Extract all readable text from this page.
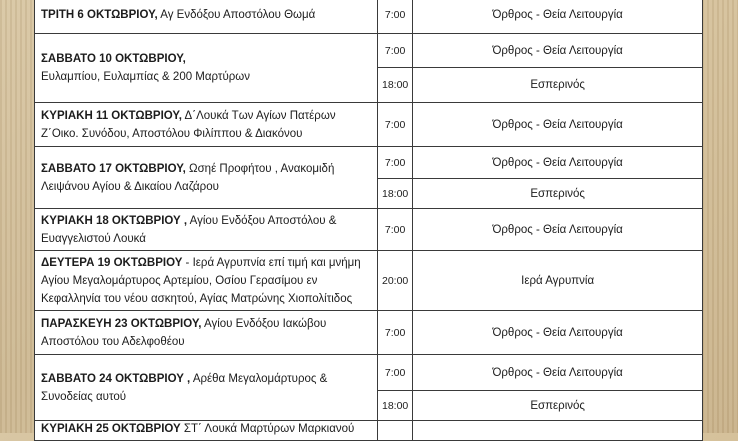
ΤΡΙΤΗ 6 ΟΚΤΩΒΡΙΟΥ, Αγ Ενδόξου Αποστόλου Θωμά	7:00	Όρθρος - Θεία Λειτουργία
ΣΑΒΒΑΤΟ 10 ΟΚΤΩΒΡΙΟΥ,
Ευλαμπίου, Ευλαμπίας & 200 Μαρτύρων	7:00	Όρθρος - Θεία Λειτουργία
	18:00	Εσπερινός
ΚΥΡΙΑΚΗ 11 ΟΚΤΩΒΡΙΟΥ, Δ΄Λουκά Των Αγίων Πατέρων Ζ΄Οικο. Συνόδου, Αποστόλου Φιλίππου & Διακόνου	7:00	Όρθρος - Θεία Λειτουργία
ΣΑΒΒΑΤΟ 17 ΟΚΤΩΒΡΙΟΥ, Ωσηέ Προφήτου , Ανακομιδή Λειψάνου Αγίου & Δικαίου Λαζάρου	7:00	Όρθρος - Θεία Λειτουργία
	18:00	Εσπερινός
ΚΥΡΙΑΚΗ 18 ΟΚΤΩΒΡΙΟΥ , Αγίου Ενδόξου Αποστόλου & Ευαγγελιστού Λουκά	7:00	Όρθρος - Θεία Λειτουργία
ΔΕΥΤΕΡΑ 19 ΟΚΤΩΒΡΙΟΥ - Ιερά Αγρυπνία επί τιμή και μνήμη Αγίου Μεγαλομάρτυρος Αρτεμίου, Οσίου Γερασίμου εν Κεφαλληνία του νέου ασκητού, Αγίας Ματρώνης Χιοπολίτιδος	20:00	Ιερά Αγρυπνία
ΠΑΡΑΣΚΕΥΗ 23 ΟΚΤΩΒΡΙΟΥ, Αγίου Ενδόξου Ιακώβου Αποστόλου του Αδελφοθέου	7:00	Όρθρος - Θεία Λειτουργία
ΣΑΒΒΑΤΟ 24 ΟΚΤΩΒΡΙΟΥ , Αρέθα Μεγαλομάρτυρος & Συνοδείας αυτού	7:00	Όρθρος - Θεία Λειτουργία
	18:00	Εσπερινός
ΚΥΡΙΑΚΗ 25 ΟΚΤΩΒΡΙΟΥ ΣΤ΄ Λουκά Μαρτύρων Μαρκιανού		
